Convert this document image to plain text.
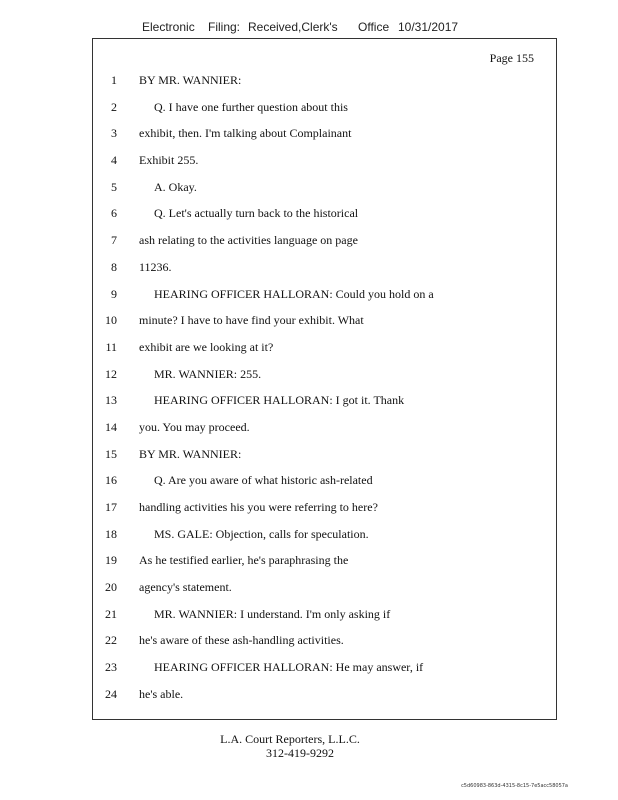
Electronic Filing: Received,Clerk's Office 10/31/2017
Page 155
1 BY MR. WANNIER:
2	Q. I have one further question about this
3 exhibit, then. I'm talking about Complainant
4 Exhibit 255.
5	A. Okay.
6	Q. Let's actually turn back to the historical
7 ash relating to the activities language on page
8 11236.
9	HEARING OFFICER HALLORAN: Could you hold on a
10 minute? I have to have find your exhibit. What
11 exhibit are we looking at it?
12	MR. WANNIER: 255.
13	HEARING OFFICER HALLORAN: I got it. Thank
14 you. You may proceed.
15 BY MR. WANNIER:
16	Q. Are you aware of what historic ash-related
17 handling activities his you were referring to here?
18	MS. GALE: Objection, calls for speculation.
19 As he testified earlier, he's paraphrasing the
20 agency's statement.
21	MR. WANNIER: I understand. I'm only asking if
22 he's aware of these ash-handling activities.
23	HEARING OFFICER HALLORAN: He may answer, if
24 he's able.
L.A. Court Reporters, L.L.C.
312-419-9292
c5d60983-863d-4315-8c15-7e5acc58057a
